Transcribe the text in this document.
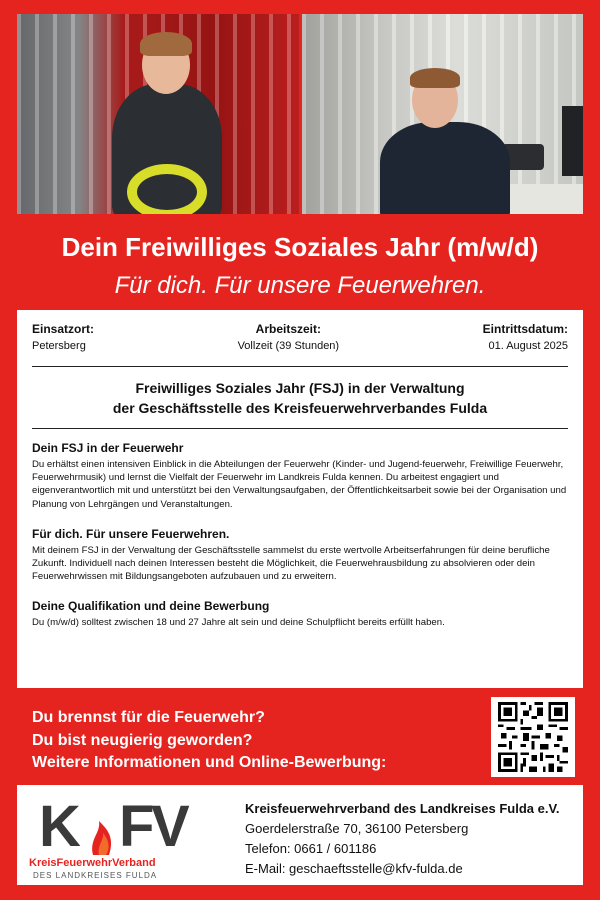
Dein Freiwilliges Soziales Jahr (m/w/d)
Für dich. Für unsere Feuerwehren.
Einsatzort:
Petersberg
Arbeitszeit:
Vollzeit (39 Stunden)
Eintrittsdatum:
01. August 2025
Freiwilliges Soziales Jahr (FSJ) in der Verwaltung
der Geschäftsstelle des Kreisfeuerwehrverbandes Fulda
Dein FSJ in der Feuerwehr

Du erhältst einen intensiven Einblick in die Abteilungen der Feuerwehr (Kinder- und Jugend-feuerwehr, Freiwillige Feuerwehr, Feuerwehrmusik) und lernst die Vielfalt der Feuerwehr im Landkreis Fulda kennen. Du arbeitest engagiert und eigenverantwortlich mit und unterstützt bei den Verwaltungsaufgaben, der Öffentlichkeitsarbeit sowie bei der Organisation und Planung von Lehrgängen und Veranstaltungen.

Für dich. Für unsere Feuerwehren.

Mit deinem FSJ in der Verwaltung der Geschäftsstelle sammelst du erste wertvolle Arbeitserfahrungen für deine berufliche Zukunft. Individuell nach deinen Interessen besteht die Möglichkeit, die Feuerwehrausbildung zu absolvieren oder dein Feuerwehrwissen mit Bildungsangeboten aufzubauen und zu erweitern.

Deine Qualifikation und deine Bewerbung

Du (m/w/d) solltest zwischen 18 und 27 Jahre alt sein und deine Schulpflicht bereits erfüllt haben.

Du brennst für die Feuerwehr?
Du bist neugierig geworden?
Weitere Informationen und Online-Bewerbung:
K F
V
KreisFeuerwehrVerband
DES LANDKREISES FULDA
Kreisfeuerwehrverband des Landkreises Fulda e.V.
Goerdelerstraße 70, 36100 Petersberg
Telefon: 0661 / 601186
E-Mail: geschaeftsstelle@kfv-fulda.de
